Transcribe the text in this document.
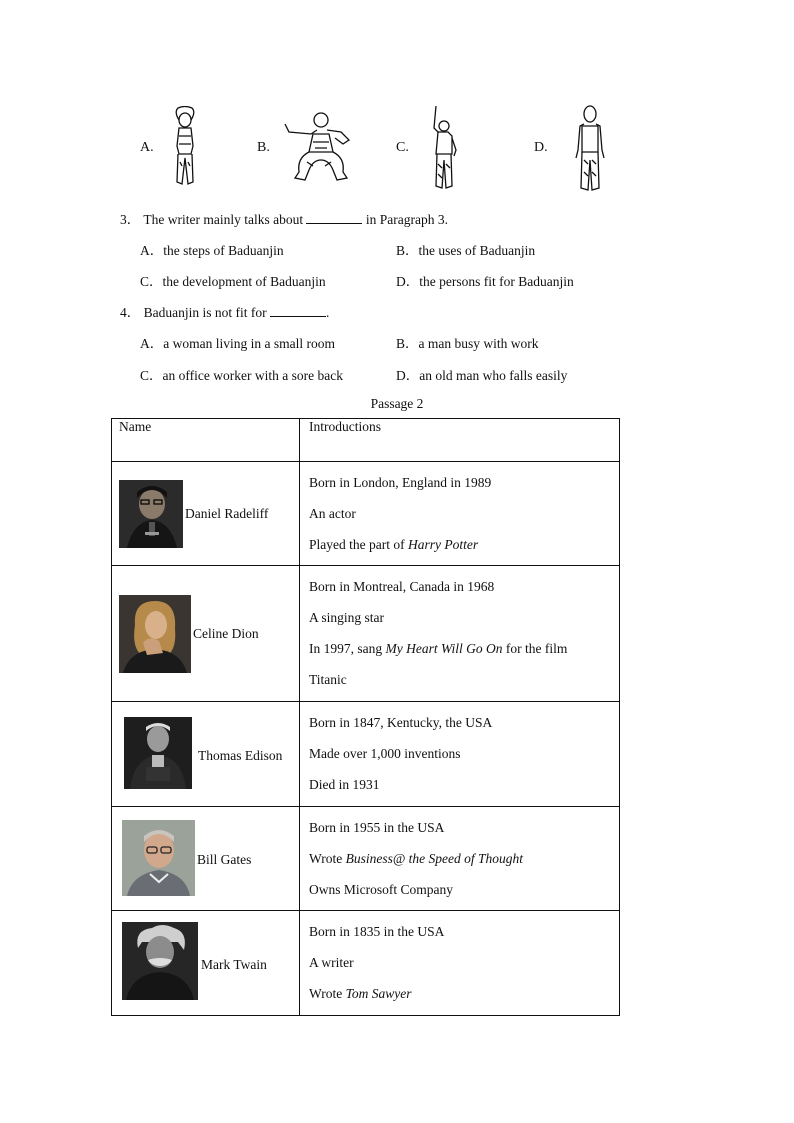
A.	B.	C.	D.
3． The writer mainly talks about	in Paragraph 3.
A．the steps of Baduanjin	B．the uses of Baduanjin
C．the development of Baduanjin	D．the persons fit for Baduanjin
4． Baduanjin is not fit for	.
A．a woman living in a small room	B．a man busy with work
C．an office worker with a sore back	D．an old man who falls easily
Passage 2
Name	Introductions

Daniel Radeliff	Born in London, England in 1989
An actor
Played the part of Harry Potter

Celine Dion	Born in Montreal, Canada in 1968
A singing star
In 1997, sang My Heart Will Go On for the film
Titanic

Thomas Edison	Born in 1847, Kentucky, the USA
Made over 1,000 inventions
Died in 1931

Bill Gates	Born in 1955 in the USA
Wrote Business@ the Speed of Thought
Owns Microsoft Company

Mark Twain	Born in 1835 in the USA
A writer
Wrote Tom Sawyer
